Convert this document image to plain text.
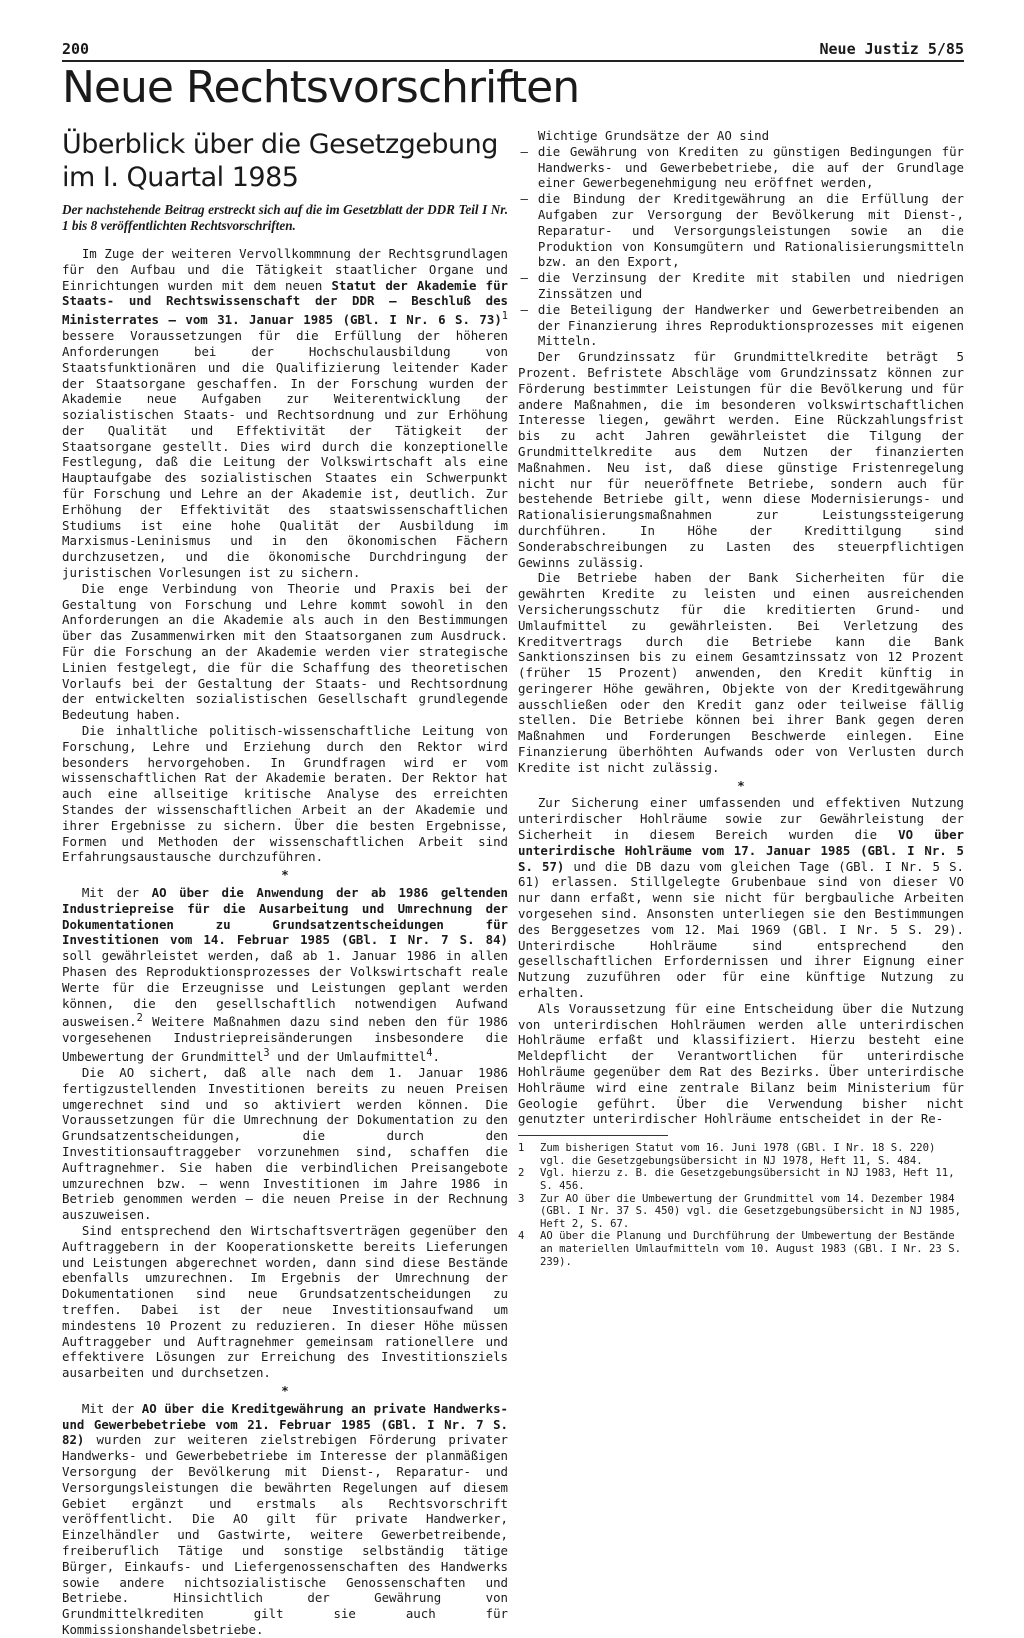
200	Neue Justiz 5/85
Neue Rechtsvorschriften
Überblick über die Gesetzgebung im I. Quartal 1985
Der nachstehende Beitrag erstreckt sich auf die im Gesetzblatt der DDR Teil I Nr. 1 bis 8 veröffentlichten Rechtsvorschriften.

Im Zuge der weiteren Vervollkommnung der Rechtsgrundlagen für den Aufbau und die Tätigkeit staatlicher Organe und Einrichtungen wurden mit dem neuen Statut der Akademie für Staats- und Rechtswissenschaft der DDR – Beschluß des Ministerrates – vom 31. Januar 1985 (GBl. I Nr. 6 S. 73)$^1$ bessere Voraussetzungen für die Erfüllung der höheren Anforderungen bei der Hochschulausbildung von Staatsfunktionären und die Qualifizierung leitender Kader der Staatsorgane geschaffen. In der Forschung wurden der Akademie neue Aufgaben zur Weiterentwicklung der sozialistischen Staats- und Rechtsordnung und zur Erhöhung der Qualität und Effektivität der Tätigkeit der Staatsorgane gestellt. Dies wird durch die konzeptionelle Festlegung, daß die Leitung der Volkswirtschaft als eine Hauptaufgabe des sozialistischen Staates ein Schwerpunkt für Forschung und Lehre an der Akademie ist, deutlich. Zur Erhöhung der Effektivität des staatswissenschaftlichen Studiums ist eine hohe Qualität der Ausbildung im Marxismus-Leninismus und in den ökonomischen Fächern durchzusetzen, und die ökonomische Durchdringung der juristischen Vorlesungen ist zu sichern.

Die enge Verbindung von Theorie und Praxis bei der Gestaltung von Forschung und Lehre kommt sowohl in den Anforderungen an die Akademie als auch in den Bestimmungen über das Zusammenwirken mit den Staatsorganen zum Ausdruck. Für die Forschung an der Akademie werden vier strategische Linien festgelegt, die für die Schaffung des theoretischen Vorlaufs bei der Gestaltung der Staats- und Rechtsordnung der entwickelten sozialistischen Gesellschaft grundlegende Bedeutung haben.

Die inhaltliche politisch-wissenschaftliche Leitung von Forschung, Lehre und Erziehung durch den Rektor wird besonders hervorgehoben. In Grundfragen wird er vom wissenschaftlichen Rat der Akademie beraten. Der Rektor hat auch eine allseitige kritische Analyse des erreichten Standes der wissenschaftlichen Arbeit an der Akademie und ihrer Ergebnisse zu sichern. Über die besten Ergebnisse, Formen und Methoden der wissenschaftlichen Arbeit sind Erfahrungsaustausche durchzuführen.

*

Mit der AO über die Anwendung der ab 1986 geltenden Industriepreise für die Ausarbeitung und Umrechnung der Dokumentationen zu Grundsatzentscheidungen für Investitionen vom 14. Februar 1985 (GBl. I Nr. 7 S. 84) soll gewährleistet werden, daß ab 1. Januar 1986 in allen Phasen des Reproduktionsprozesses der Volkswirtschaft reale Werte für die Erzeugnisse und Leistungen geplant werden können, die den gesellschaftlich notwendigen Aufwand ausweisen.$^2$ Weitere Maßnahmen dazu sind neben den für 1986 vorgesehenen Industriepreisänderungen insbesondere die Umbewertung der Grundmittel$^3$ und der Umlaufmittel$^4$.

Die AO sichert, daß alle nach dem 1. Januar 1986 fertigzustellenden Investitionen bereits zu neuen Preisen umgerechnet sind und so aktiviert werden können. Die Voraussetzungen für die Umrechnung der Dokumentation zu den Grundsatzentscheidungen, die durch den Investitionsauftraggeber vorzunehmen sind, schaffen die Auftragnehmer. Sie haben die verbindlichen Preisangebote umzurechnen bzw. – wenn Investitionen im Jahre 1986 in Betrieb genommen werden – die neuen Preise in der Rechnung auszuweisen.

Sind entsprechend den Wirtschaftsverträgen gegenüber den Auftraggebern in der Kooperationskette bereits Lieferungen und Leistungen abgerechnet worden, dann sind diese Bestände ebenfalls umzurechnen. Im Ergebnis der Umrechnung der Dokumentationen sind neue Grundsatzentscheidungen zu treffen. Dabei ist der neue Investitionsaufwand um mindestens 10 Prozent zu reduzieren. In dieser Höhe müssen Auftraggeber und Auftragnehmer gemeinsam rationellere und effektivere Lösungen zur Erreichung des Investitionsziels ausarbeiten und durchsetzen.

*

Mit der AO über die Kreditgewährung an private Handwerks- und Gewerbebetriebe vom 21. Februar 1985 (GBl. I Nr. 7 S. 82) wurden zur weiteren zielstrebigen Förderung privater Handwerks- und Gewerbebetriebe im Interesse der planmäßigen Versorgung der Bevölkerung mit Dienst-, Reparatur- und Versorgungsleistungen die bewährten Regelungen auf diesem Gebiet ergänzt und erstmals als Rechtsvorschrift veröffentlicht. Die AO gilt für private Handwerker, Einzelhändler und Gastwirte, weitere Gewerbetreibende, freiberuflich Tätige und sonstige selbständig tätige Bürger, Einkaufs- und Liefergenossenschaften des Handwerks sowie andere nichtsozialistische Genossenschaften und Betriebe. Hinsichtlich der Gewährung von Grundmittelkrediten gilt sie auch für Kommissionshandelsbetriebe.

Wichtige Grundsätze der AO sind

– die Gewährung von Krediten zu günstigen Bedingungen für Handwerks- und Gewerbebetriebe, die auf der Grundlage einer Gewerbegenehmigung neu eröffnet werden,
– die Bindung der Kreditgewährung an die Erfüllung der Aufgaben zur Versorgung der Bevölkerung mit Dienst-, Reparatur- und Versorgungsleistungen sowie an die Produktion von Konsumgütern und Rationalisierungsmitteln bzw. an den Export,
– die Verzinsung der Kredite mit stabilen und niedrigen Zinssätzen und
– die Beteiligung der Handwerker und Gewerbetreibenden an der Finanzierung ihres Reproduktionsprozesses mit eigenen Mitteln.

Der Grundzinssatz für Grundmittelkredite beträgt 5 Prozent. Befristete Abschläge vom Grundzinssatz können zur Förderung bestimmter Leistungen für die Bevölkerung und für andere Maßnahmen, die im besonderen volkswirtschaftlichen Interesse liegen, gewährt werden. Eine Rückzahlungsfrist bis zu acht Jahren gewährleistet die Tilgung der Grundmittelkredite aus dem Nutzen der finanzierten Maßnahmen. Neu ist, daß diese günstige Fristenregelung nicht nur für neueröffnete Betriebe, sondern auch für bestehende Betriebe gilt, wenn diese Modernisierungs- und Rationalisierungsmaßnahmen zur Leistungssteigerung durchführen. In Höhe der Kredittilgung sind Sonderabschreibungen zu Lasten des steuerpflichtigen Gewinns zulässig.

Die Betriebe haben der Bank Sicherheiten für die gewährten Kredite zu leisten und einen ausreichenden Versicherungsschutz für die kreditierten Grund- und Umlaufmittel zu gewährleisten. Bei Verletzung des Kreditvertrags durch die Betriebe kann die Bank Sanktionszinsen bis zu einem Gesamtzinssatz von 12 Prozent (früher 15 Prozent) anwenden, den Kredit künftig in geringerer Höhe gewähren, Objekte von der Kreditgewährung ausschließen oder den Kredit ganz oder teilweise fällig stellen. Die Betriebe können bei ihrer Bank gegen deren Maßnahmen und Forderungen Beschwerde einlegen. Eine Finanzierung überhöhten Aufwands oder von Verlusten durch Kredite ist nicht zulässig.

*

Zur Sicherung einer umfassenden und effektiven Nutzung unterirdischer Hohlräume sowie zur Gewährleistung der Sicherheit in diesem Bereich wurden die VO über unterirdische Hohlräume vom 17. Januar 1985 (GBl. I Nr. 5 S. 57) und die DB dazu vom gleichen Tage (GBl. I Nr. 5 S. 61) erlassen. Stillgelegte Grubenbaue sind von dieser VO nur dann erfaßt, wenn sie nicht für bergbauliche Arbeiten vorgesehen sind. Ansonsten unterliegen sie den Bestimmungen des Berggesetzes vom 12. Mai 1969 (GBl. I Nr. 5 S. 29). Unterirdische Hohlräume sind entsprechend den gesellschaftlichen Erfordernissen und ihrer Eignung einer Nutzung zuzuführen oder für eine künftige Nutzung zu erhalten.

Als Voraussetzung für eine Entscheidung über die Nutzung von unterirdischen Hohlräumen werden alle unterirdischen Hohlräume erfaßt und klassifiziert. Hierzu besteht eine Meldepflicht der Verantwortlichen für unterirdische Hohlräume gegenüber dem Rat des Bezirks. Über unterirdische Hohlräume wird eine zentrale Bilanz beim Ministerium für Geologie geführt. Über die Verwendung bisher nicht genutzter unterirdischer Hohlräume entscheidet in der Re-

1	Zum bisherigen Statut vom 16. Juni 1978 (GBl. I Nr. 18 S. 220) vgl. die Gesetzgebungsübersicht in NJ 1978, Heft 11, S. 484.
2	Vgl. hierzu z. B. die Gesetzgebungsübersicht in NJ 1983, Heft 11, S. 456.
3	Zur AO über die Umbewertung der Grundmittel vom 14. Dezember 1984 (GBl. I Nr. 37 S. 450) vgl. die Gesetzgebungsübersicht in NJ 1985, Heft 2, S. 67.
4	AO über die Planung und Durchführung der Umbewertung der Bestände an materiellen Umlaufmitteln vom 10. August 1983 (GBl. I Nr. 23 S. 239).
